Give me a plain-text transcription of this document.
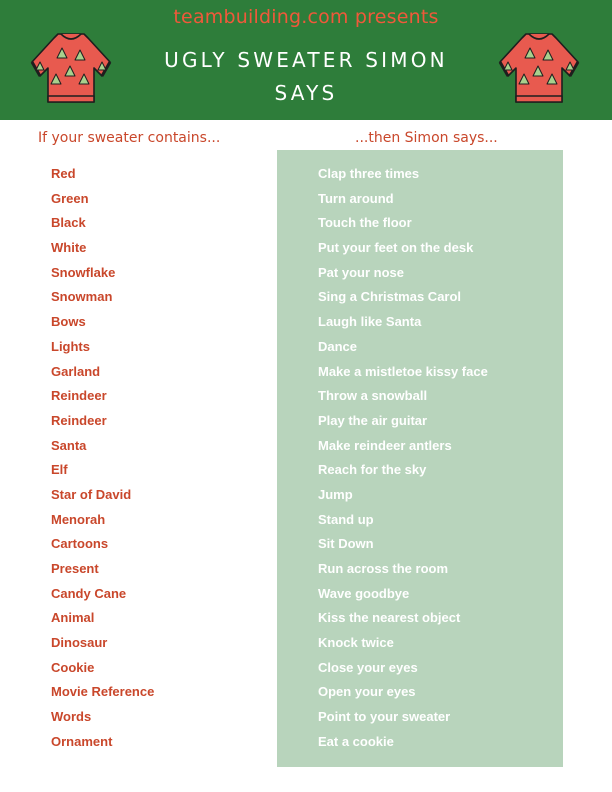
teambuilding.com presents
UGLY SWEATER SIMON SAYS
If your sweater contains...	...then Simon says...
Red
Green
Black
White
Snowflake
Snowman
Bows
Lights
Garland
Reindeer
Reindeer
Santa
Elf
Star of David
Menorah
Cartoons
Present
Candy Cane
Animal
Dinosaur
Cookie
Movie Reference
Words
Ornament
Clap three times
Turn around
Touch the floor
Put your feet on the desk
Pat your nose
Sing a Christmas Carol
Laugh like Santa
Dance
Make a mistletoe kissy face
Throw a snowball
Play the air guitar
Make reindeer antlers
Reach for the sky
Jump
Stand up
Sit Down
Run across the room
Wave goodbye
Kiss the nearest object
Knock twice
Close your eyes
Open your eyes
Point to your sweater
Eat a cookie
